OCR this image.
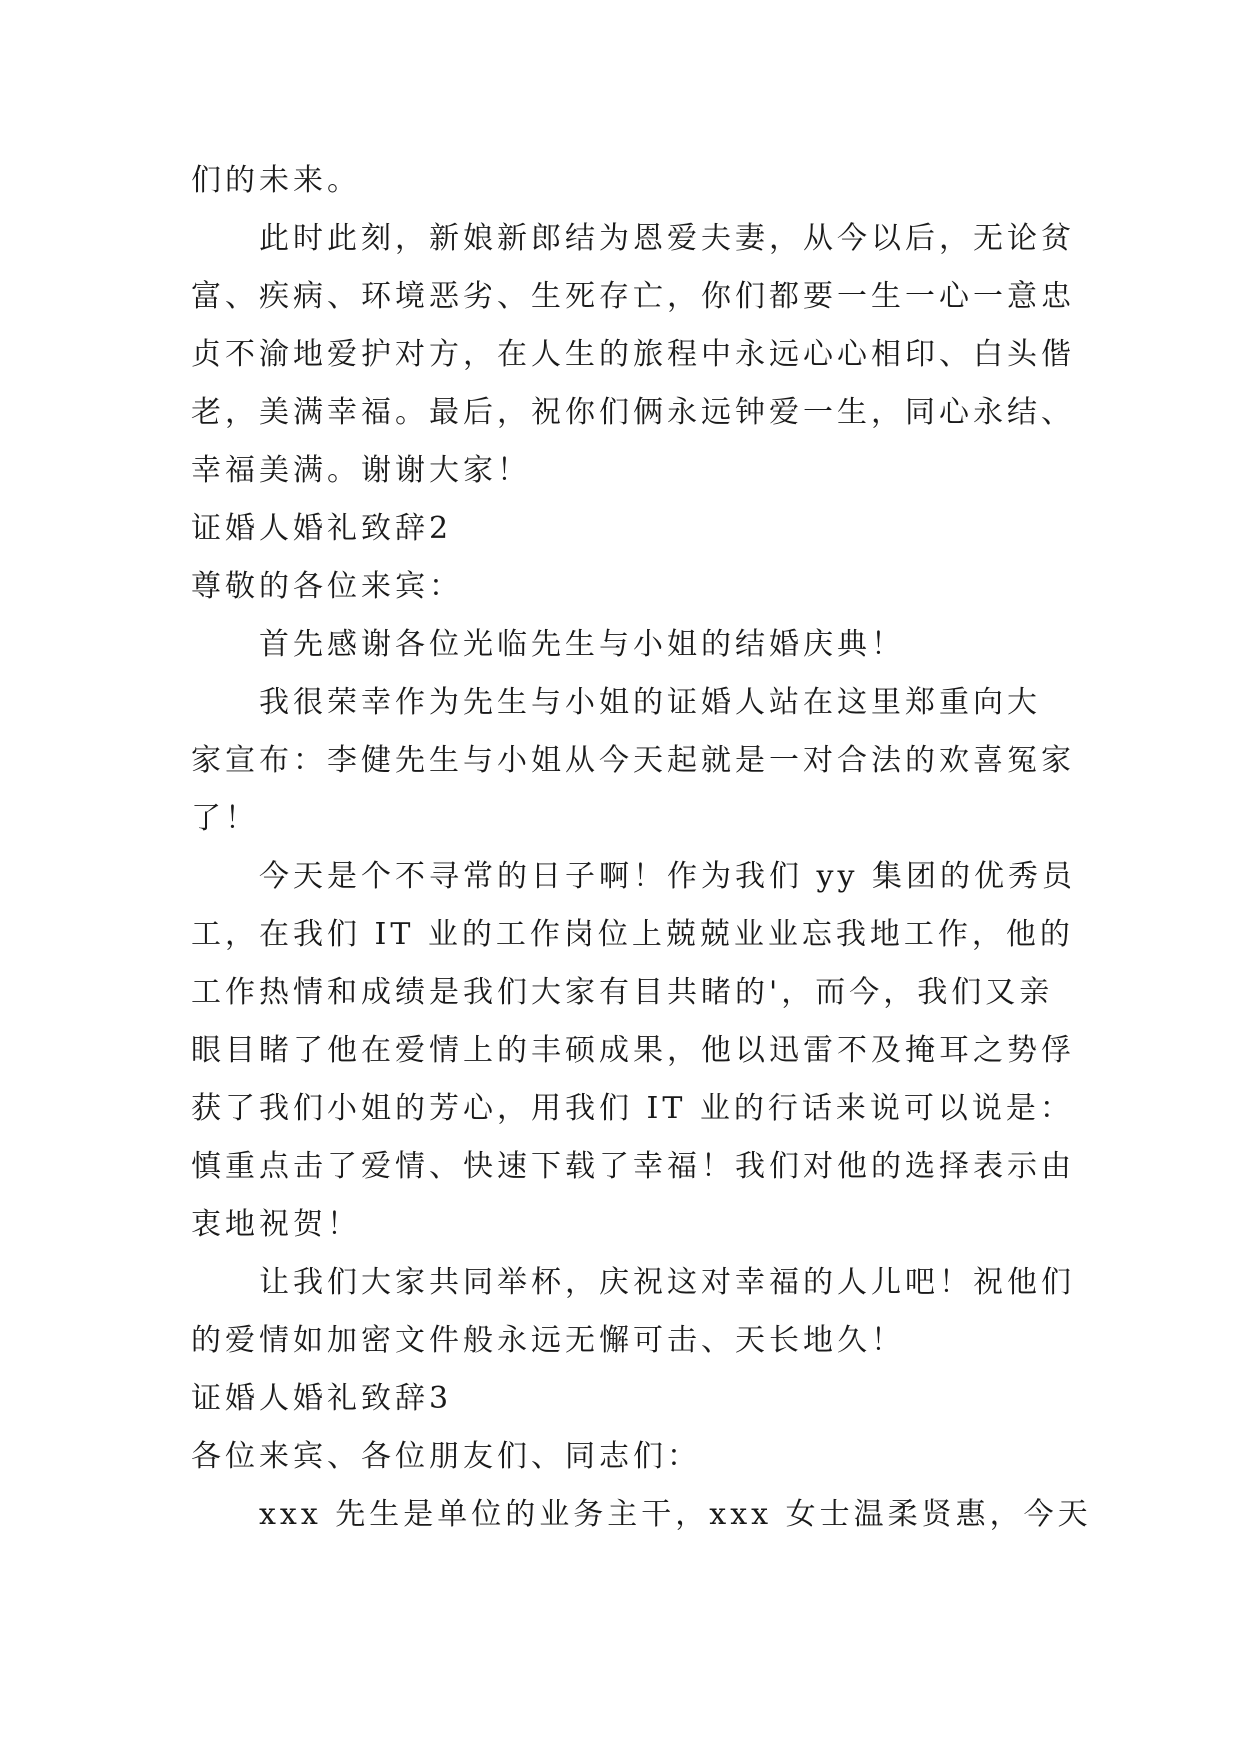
们的未来。
此时此刻，新娘新郎结为恩爱夫妻，从今以后，无论贫
富、疾病、环境恶劣、生死存亡，你们都要一生一心一意忠
贞不渝地爱护对方，在人生的旅程中永远心心相印、白头偕
老，美满幸福。最后，祝你们俩永远钟爱一生，同心永结、
幸福美满。谢谢大家！
证婚人婚礼致辞2
尊敬的各位来宾：
首先感谢各位光临先生与小姐的结婚庆典！
我很荣幸作为先生与小姐的证婚人站在这里郑重向大
家宣布：李健先生与小姐从今天起就是一对合法的欢喜冤家
了！
今天是个不寻常的日子啊！作为我们 yy 集团的优秀员
工，在我们 IT 业的工作岗位上兢兢业业忘我地工作，他的
工作热情和成绩是我们大家有目共睹的'，而今，我们又亲
眼目睹了他在爱情上的丰硕成果，他以迅雷不及掩耳之势俘
获了我们小姐的芳心，用我们 IT 业的行话来说可以说是：
慎重点击了爱情、快速下载了幸福！我们对他的选择表示由
衷地祝贺！
让我们大家共同举杯，庆祝这对幸福的人儿吧！祝他们
的爱情如加密文件般永远无懈可击、天长地久！
证婚人婚礼致辞3
各位来宾、各位朋友们、同志们：
xxx 先生是单位的业务主干，xxx 女士温柔贤惠，今天
